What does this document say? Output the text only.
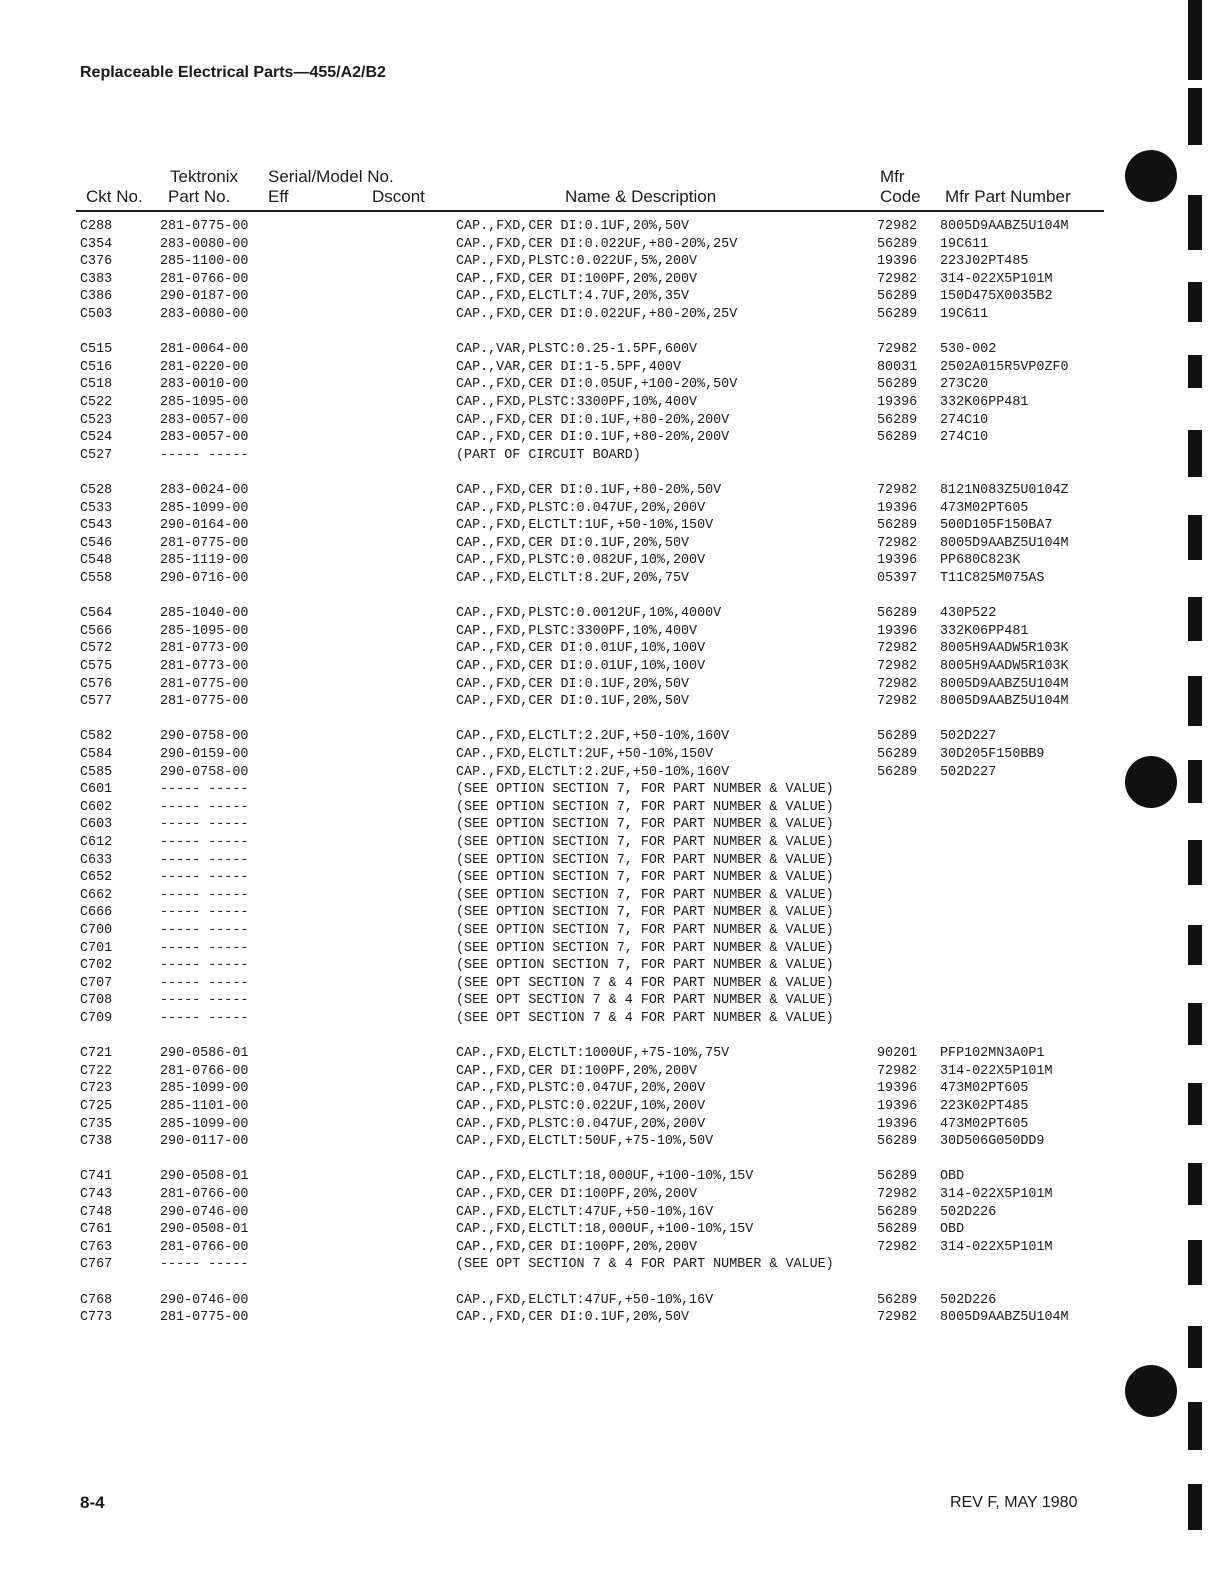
Replaceable Electrical Parts—455/A2/B2
Tektronix Serial/Model No.	Mfr
Ckt No. Part No. Eff	Dscont	Name & Description	Code Mfr Part Number
C288	281-0775-00	CAP.,FXD,CER DI:0.1UF,20%,50V	72982 8005D9AABZ5U104M
C354	283-0080-00	CAP.,FXD,CER DI:0.022UF,+80-20%,25V	56289 19C611
C376	285-1100-00	CAP.,FXD,PLSTC:0.022UF,5%,200V	19396 223J02PT485
C383	281-0766-00	CAP.,FXD,CER DI:100PF,20%,200V	72982 314-022X5P101M
C386	290-0187-00	CAP.,FXD,ELCTLT:4.7UF,20%,35V	56289 150D475X0035B2
C503	283-0080-00	CAP.,FXD,CER DI:0.022UF,+80-20%,25V	56289 19C611
C515	281-0064-00	CAP.,VAR,PLSTC:0.25-1.5PF,600V	72982 530-002
C516	281-0220-00	CAP.,VAR,CER DI:1-5.5PF,400V	80031 2502A015R5VP0ZF0
C518	283-0010-00	CAP.,FXD,CER DI:0.05UF,+100-20%,50V	56289 273C20
C522	285-1095-00	CAP.,FXD,PLSTC:3300PF,10%,400V	19396 332K06PP481
C523	283-0057-00	CAP.,FXD,CER DI:0.1UF,+80-20%,200V	56289 274C10
C524	283-0057-00	CAP.,FXD,CER DI:0.1UF,+80-20%,200V	56289 274C10
C527	----- -----	(PART OF CIRCUIT BOARD)
C528	283-0024-00	CAP.,FXD,CER DI:0.1UF,+80-20%,50V	72982 8121N083Z5U0104Z
C533	285-1099-00	CAP.,FXD,PLSTC:0.047UF,20%,200V	19396 473M02PT605
C543	290-0164-00	CAP.,FXD,ELCTLT:1UF,+50-10%,150V	56289 500D105F150BA7
C546	281-0775-00	CAP.,FXD,CER DI:0.1UF,20%,50V	72982 8005D9AABZ5U104M
C548	285-1119-00	CAP.,FXD,PLSTC:0.082UF,10%,200V	19396 PP680C823K
C558	290-0716-00	CAP.,FXD,ELCTLT:8.2UF,20%,75V	05397 T11C825M075AS
C564	285-1040-00	CAP.,FXD,PLSTC:0.0012UF,10%,4000V	56289 430P522
C566	285-1095-00	CAP.,FXD,PLSTC:3300PF,10%,400V	19396 332K06PP481
C572	281-0773-00	CAP.,FXD,CER DI:0.01UF,10%,100V	72982 8005H9AADW5R103K
C575	281-0773-00	CAP.,FXD,CER DI:0.01UF,10%,100V	72982 8005H9AADW5R103K
C576	281-0775-00	CAP.,FXD,CER DI:0.1UF,20%,50V	72982 8005D9AABZ5U104M
C577	281-0775-00	CAP.,FXD,CER DI:0.1UF,20%,50V	72982 8005D9AABZ5U104M
C582	290-0758-00	CAP.,FXD,ELCTLT:2.2UF,+50-10%,160V	56289 502D227
C584	290-0159-00	CAP.,FXD,ELCTLT:2UF,+50-10%,150V	56289 30D205F150BB9
C585	290-0758-00	CAP.,FXD,ELCTLT:2.2UF,+50-10%,160V	56289 502D227
C601	----- -----	(SEE OPTION SECTION 7, FOR PART NUMBER & VALUE)
C602	----- -----	(SEE OPTION SECTION 7, FOR PART NUMBER & VALUE)
C603	----- -----	(SEE OPTION SECTION 7, FOR PART NUMBER & VALUE)
C612	----- -----	(SEE OPTION SECTION 7, FOR PART NUMBER & VALUE)
C633	----- -----	(SEE OPTION SECTION 7, FOR PART NUMBER & VALUE)
C652	----- -----	(SEE OPTION SECTION 7, FOR PART NUMBER & VALUE)
C662	----- -----	(SEE OPTION SECTION 7, FOR PART NUMBER & VALUE)
C666	----- -----	(SEE OPTION SECTION 7, FOR PART NUMBER & VALUE)
C700	----- -----	(SEE OPTION SECTION 7, FOR PART NUMBER & VALUE)
C701	----- -----	(SEE OPTION SECTION 7, FOR PART NUMBER & VALUE)
C702	----- -----	(SEE OPTION SECTION 7, FOR PART NUMBER & VALUE)
C707	----- -----	(SEE OPT SECTION 7 & 4 FOR PART NUMBER & VALUE)
C708	----- -----	(SEE OPT SECTION 7 & 4 FOR PART NUMBER & VALUE)
C709	----- -----	(SEE OPT SECTION 7 & 4 FOR PART NUMBER & VALUE)
C721	290-0586-01	CAP.,FXD,ELCTLT:1000UF,+75-10%,75V	90201 PFP102MN3A0P1
C722	281-0766-00	CAP.,FXD,CER DI:100PF,20%,200V	72982 314-022X5P101M
C723	285-1099-00	CAP.,FXD,PLSTC:0.047UF,20%,200V	19396 473M02PT605
C725	285-1101-00	CAP.,FXD,PLSTC:0.022UF,10%,200V	19396 223K02PT485
C735	285-1099-00	CAP.,FXD,PLSTC:0.047UF,20%,200V	19396 473M02PT605
C738	290-0117-00	CAP.,FXD,ELCTLT:50UF,+75-10%,50V	56289 30D506G050DD9
C741	290-0508-01	CAP.,FXD,ELCTLT:18,000UF,+100-10%,15V	56289 OBD
C743	281-0766-00	CAP.,FXD,CER DI:100PF,20%,200V	72982 314-022X5P101M
C748	290-0746-00	CAP.,FXD,ELCTLT:47UF,+50-10%,16V	56289 502D226
C761	290-0508-01	CAP.,FXD,ELCTLT:18,000UF,+100-10%,15V	56289 OBD
C763	281-0766-00	CAP.,FXD,CER DI:100PF,20%,200V	72982 314-022X5P101M
C767	----- -----	(SEE OPT SECTION 7 & 4 FOR PART NUMBER & VALUE)
C768	290-0746-00	CAP.,FXD,ELCTLT:47UF,+50-10%,16V	56289 502D226
C773	281-0775-00	CAP.,FXD,CER DI:0.1UF,20%,50V	72982 8005D9AABZ5U104M
8-4	REV F, MAY 1980
